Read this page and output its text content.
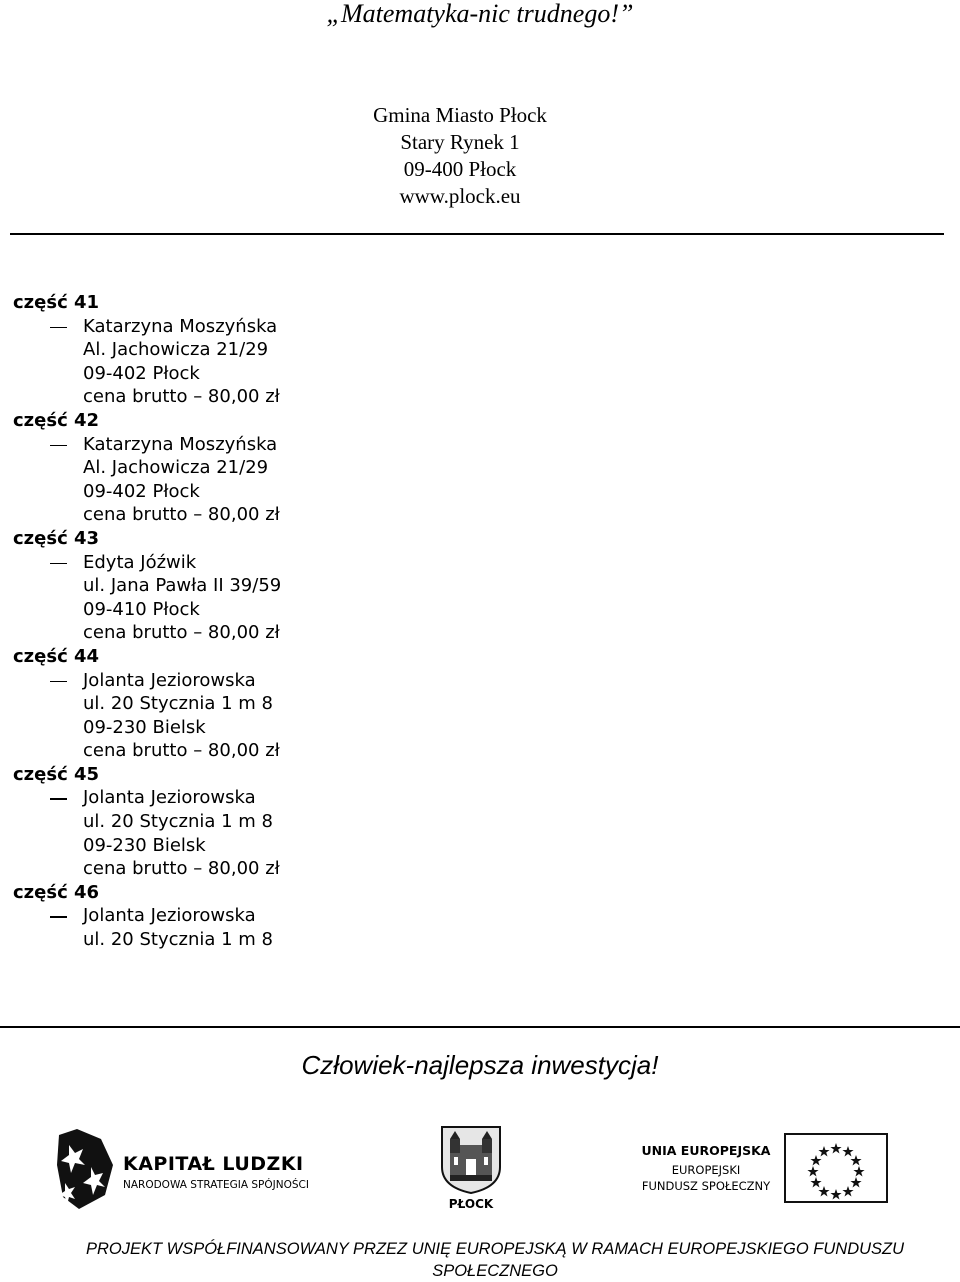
„Matematyka-nic trudnego!”
Gmina Miasto Płock
Stary Rynek 1
09-400 Płock
www.plock.eu
część 41
Katarzyna Moszyńska
Al. Jachowicza 21/29
09-402 Płock
cena brutto – 80,00 zł
część 42
Katarzyna Moszyńska
Al. Jachowicza 21/29
09-402 Płock
cena brutto – 80,00 zł
część 43
Edyta Jóźwik
ul. Jana Pawła II 39/59
09-410 Płock
cena brutto – 80,00 zł
część 44
Jolanta Jeziorowska
ul. 20 Stycznia 1 m 8
09-230 Bielsk
cena brutto – 80,00 zł
część 45
Jolanta Jeziorowska
ul. 20 Stycznia 1 m 8
09-230 Bielsk
cena brutto – 80,00 zł
część 46
Jolanta Jeziorowska
ul. 20 Stycznia 1 m 8
Człowiek-najlepsza inwestycja!
KAPITAŁ LUDZKI
NARODOWA STRATEGIA SPÓJNOŚCI
PŁOCK
UNIA EUROPEJSKA
EUROPEJSKI
FUNDUSZ SPOŁECZNY
PROJEKT WSPÓŁFINANSOWANY PRZEZ UNIĘ EUROPEJSKĄ W RAMACH EUROPEJSKIEGO FUNDUSZU
SPOŁECZNEGO
